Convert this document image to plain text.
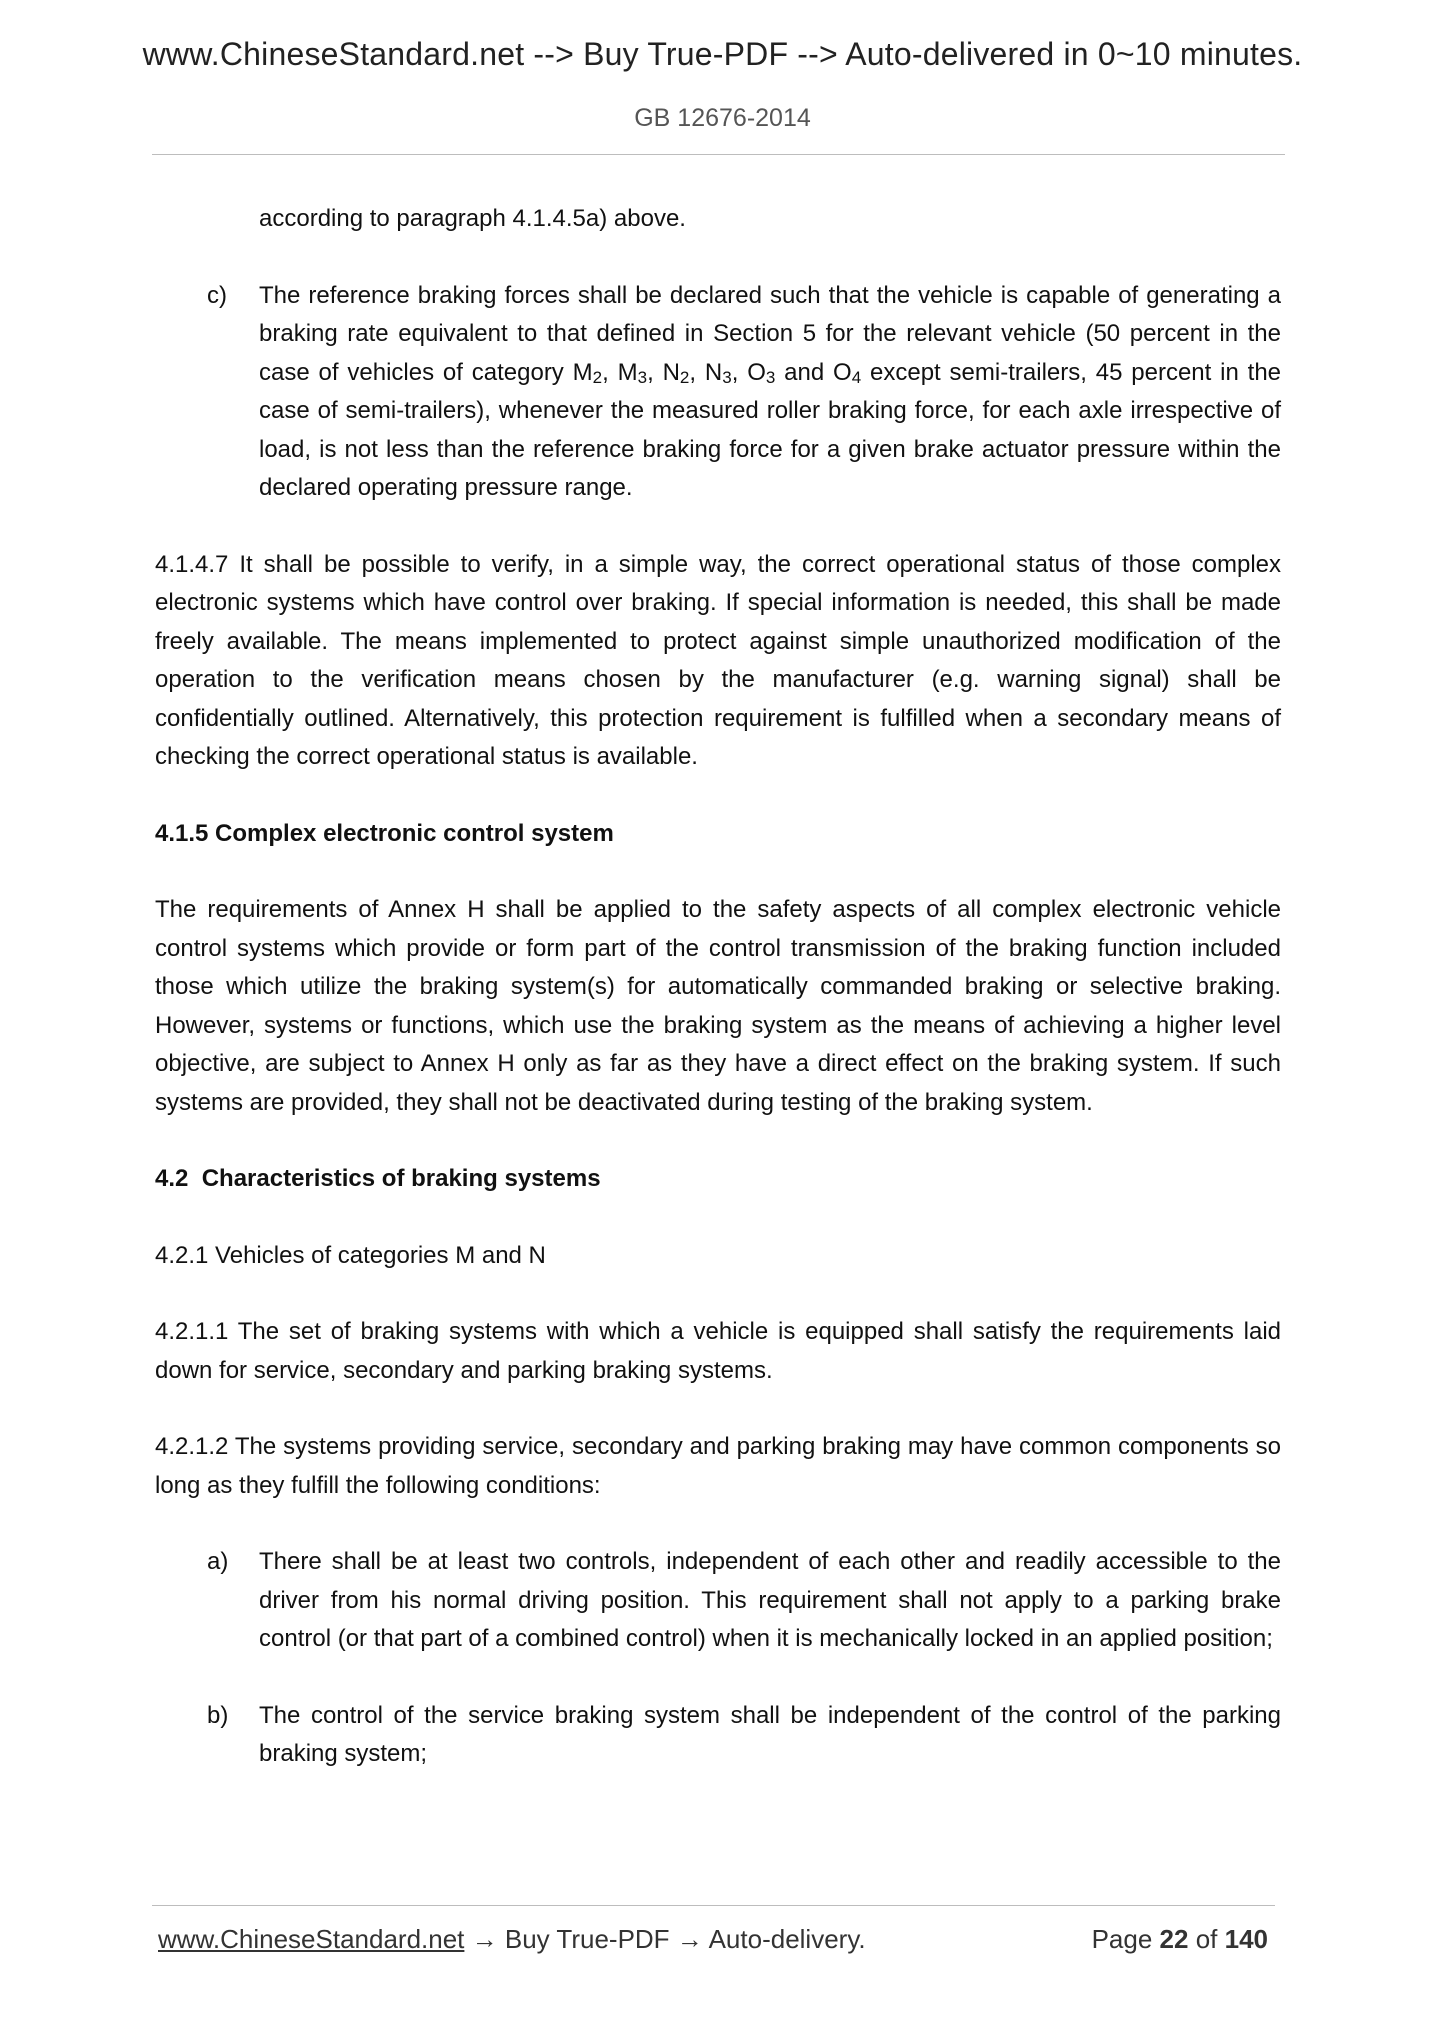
www.ChineseStandard.net --> Buy True-PDF --> Auto-delivered in 0~10 minutes.
GB 12676-2014

according to paragraph 4.1.4.5a) above.

c)	The reference braking forces shall be declared such that the vehicle is capable of generating a braking rate equivalent to that defined in Section 5 for the relevant vehicle (50 percent in the case of vehicles of category $M_2$, $M_3$, $N_2$, $N_3$, $O_3$ and $O_4$ except semi-trailers, 45 percent in the case of semi-trailers), whenever the measured roller braking force, for each axle irrespective of load, is not less than the reference braking force for a given brake actuator pressure within the declared operating pressure range.

4.1.4.7 It shall be possible to verify, in a simple way, the correct operational status of those complex electronic systems which have control over braking. If special information is needed, this shall be made freely available. The means implemented to protect against simple unauthorized modification of the operation to the verification means chosen by the manufacturer (e.g. warning signal) shall be confidentially outlined. Alternatively, this protection requirement is fulfilled when a secondary means of checking the correct operational status is available.

4.1.5 Complex electronic control system

The requirements of Annex H shall be applied to the safety aspects of all complex electronic vehicle control systems which provide or form part of the control transmission of the braking function included those which utilize the braking system(s) for automatically commanded braking or selective braking. However, systems or functions, which use the braking system as the means of achieving a higher level objective, are subject to Annex H only as far as they have a direct effect on the braking system. If such systems are provided, they shall not be deactivated during testing of the braking system.

4.2  Characteristics of braking systems

4.2.1 Vehicles of categories M and N

4.2.1.1 The set of braking systems with which a vehicle is equipped shall satisfy the requirements laid down for service, secondary and parking braking systems.

4.2.1.2 The systems providing service, secondary and parking braking may have common components so long as they fulfill the following conditions:

a)	There shall be at least two controls, independent of each other and readily accessible to the driver from his normal driving position. This requirement shall not apply to a parking brake control (or that part of a combined control) when it is mechanically locked in an applied position;
b)	The control of the service braking system shall be independent of the control of the parking braking system;
www.ChineseStandard.net → Buy True-PDF → Auto-delivery.	Page 22 of 140
